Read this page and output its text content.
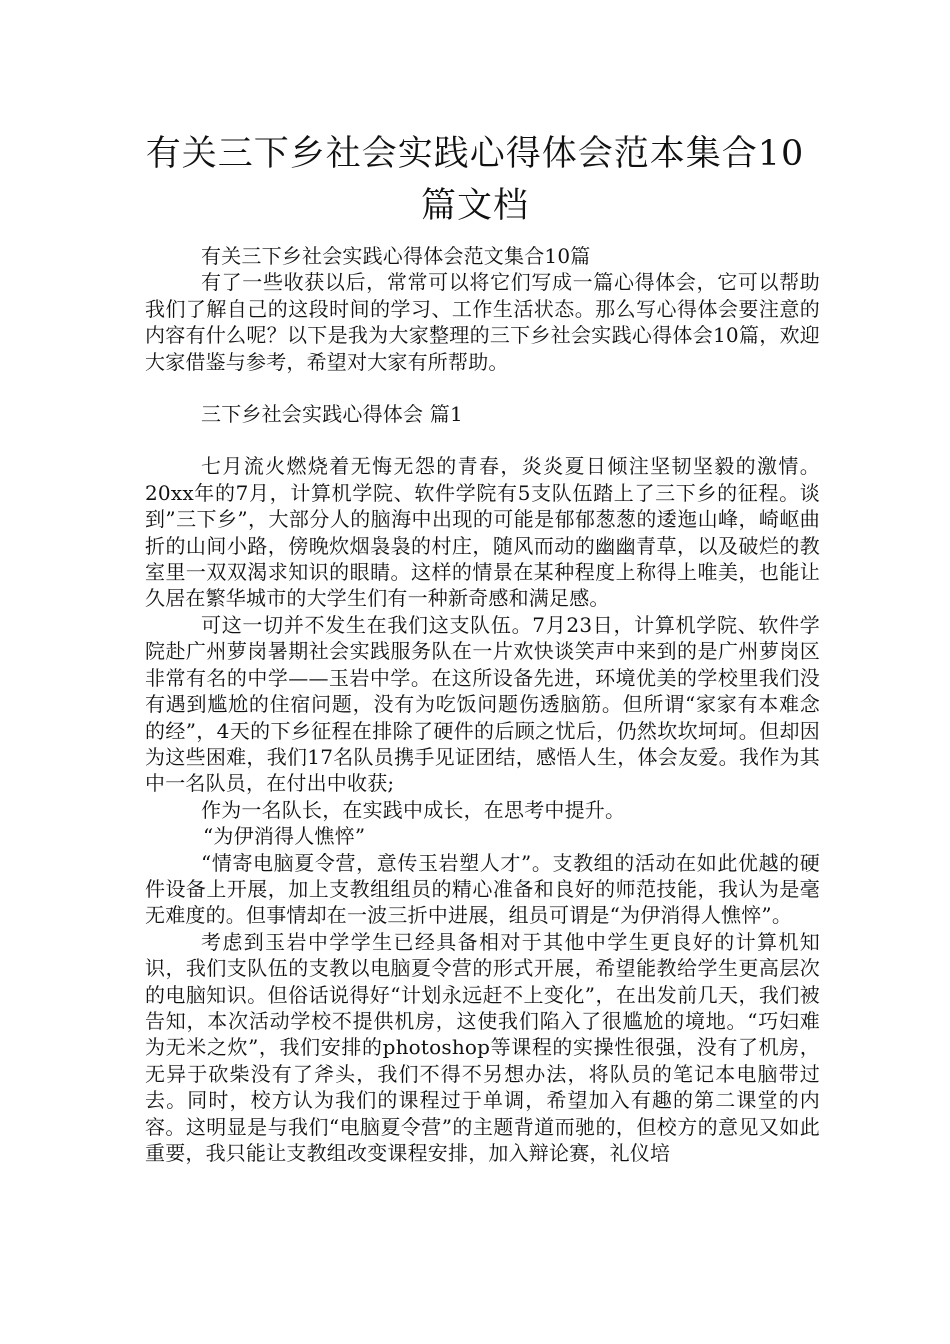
有关三下乡社会实践心得体会范本集合10
篇文档

有关三下乡社会实践心得体会范文集合10篇

有了一些收获以后，常常可以将它们写成一篇心得体会，它可以帮助我们了解自己的这段时间的学习、工作生活状态。那么写心得体会要注意的内容有什么呢？以下是我为大家整理的三下乡社会实践心得体会10篇，欢迎大家借鉴与参考，希望对大家有所帮助。

三下乡社会实践心得体会 篇1

七月流火燃烧着无悔无怨的青春，炎炎夏日倾注坚韧坚毅的激情。20xx年的7月，计算机学院、软件学院有5支队伍踏上了三下乡的征程。谈到”三下乡”，大部分人的脑海中出现的可能是郁郁葱葱的逶迤山峰，崎岖曲折的山间小路，傍晚炊烟袅袅的村庄，随风而动的幽幽青草，以及破烂的教室里一双双渴求知识的眼睛。这样的情景在某种程度上称得上唯美，也能让久居在繁华城市的大学生们有一种新奇感和满足感。

可这一切并不发生在我们这支队伍。7月23日，计算机学院、软件学院赴广州萝岗暑期社会实践服务队在一片欢快谈笑声中来到的是广州萝岗区非常有名的中学——玉岩中学。在这所设备先进，环境优美的学校里我们没有遇到尴尬的住宿问题，没有为吃饭问题伤透脑筋。但所谓“家家有本难念的经”，4天的下乡征程在排除了硬件的后顾之忧后，仍然坎坎坷坷。但却因为这些困难，我们17名队员携手见证团结，感悟人生，体会友爱。我作为其中一名队员，在付出中收获;

作为一名队长，在实践中成长，在思考中提升。

“为伊消得人憔悴”

“情寄电脑夏令营，意传玉岩塑人才”。支教组的活动在如此优越的硬件设备上开展，加上支教组组员的精心准备和良好的师范技能，我认为是毫无难度的。但事情却在一波三折中进展，组员可谓是“为伊消得人憔悴”。

考虑到玉岩中学学生已经具备相对于其他中学生更良好的计算机知识，我们支队伍的支教以电脑夏令营的形式开展，希望能教给学生更高层次的电脑知识。但俗话说得好“计划永远赶不上变化”，在出发前几天，我们被告知，本次活动学校不提供机房，这使我们陷入了很尴尬的境地。“巧妇难为无米之炊”，我们安排的photoshop等课程的实操性很强，没有了机房，无异于砍柴没有了斧头，我们不得不另想办法，将队员的笔记本电脑带过去。同时，校方认为我们的课程过于单调，希望加入有趣的第二课堂的内容。这明显是与我们“电脑夏令营”的主题背道而驰的，但校方的意见又如此重要，我只能让支教组改变课程安排，加入辩论赛，礼仪培
